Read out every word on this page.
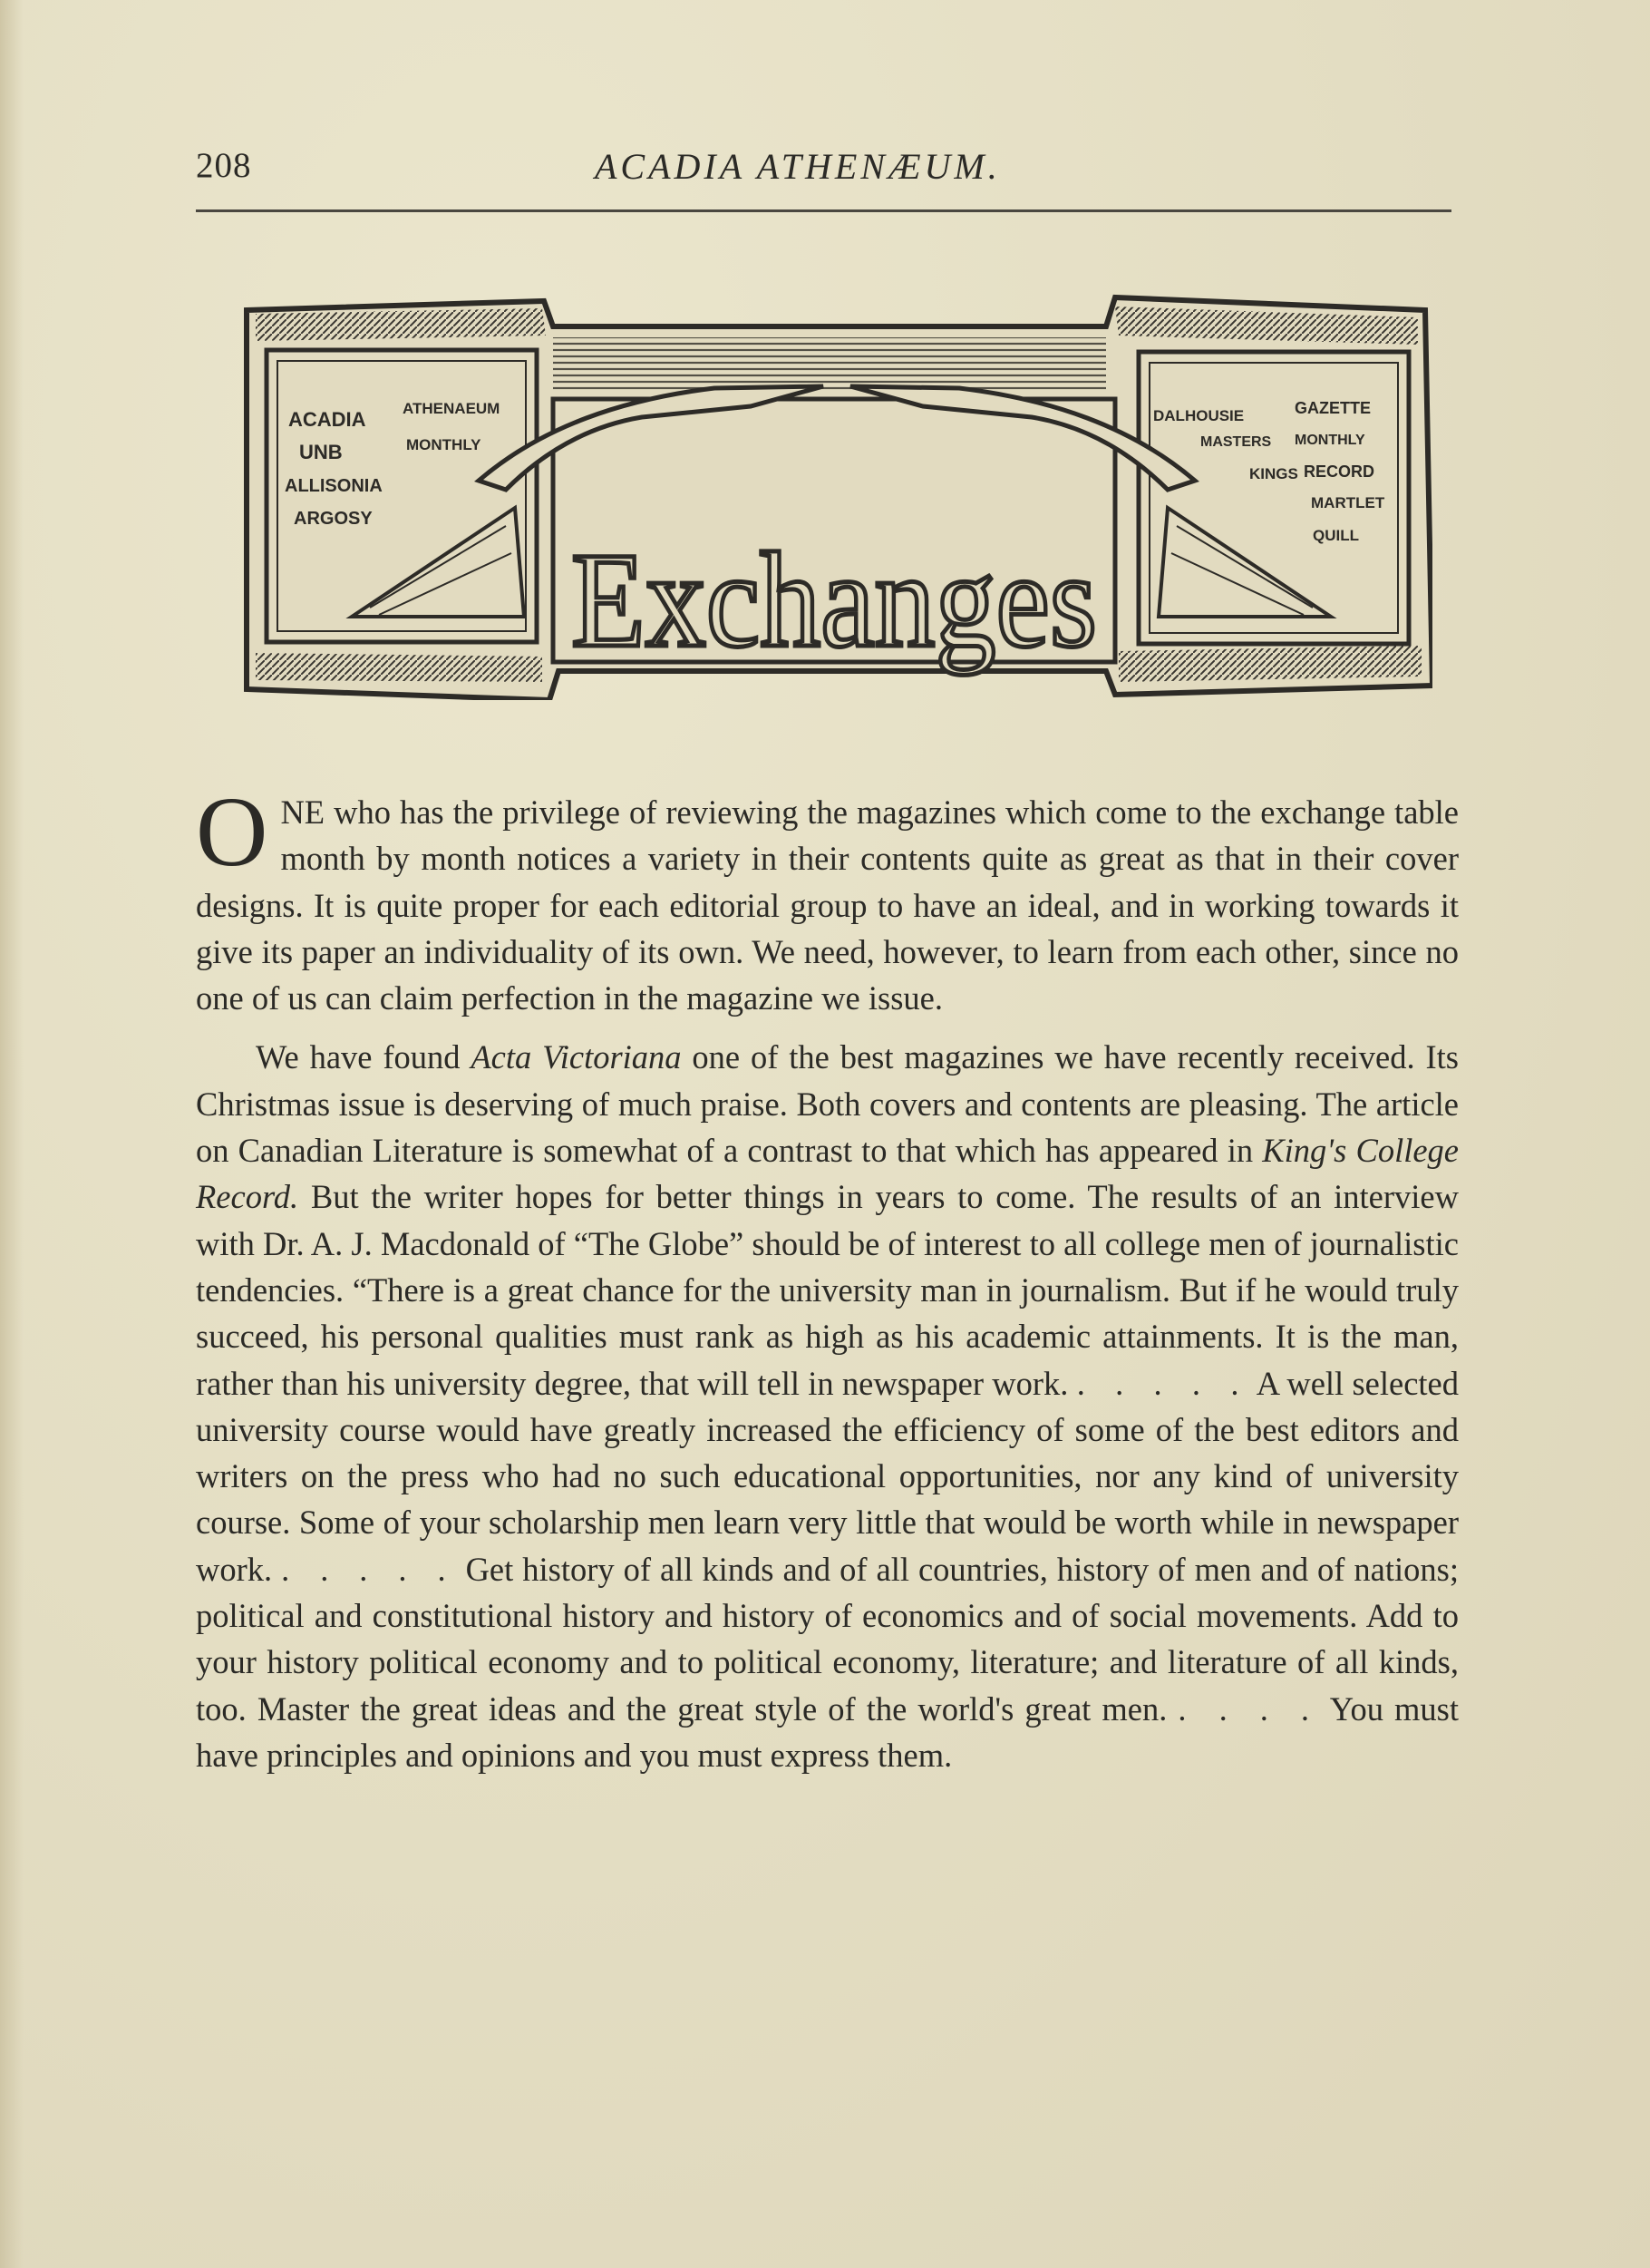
208	ACADIA ATHENÆUM.
ACADIA ATHENAEUM
UNB	MONTHLY
ALLISONIA
ARGOSY
DALHOUSIE	GAZETTE
MASTERS MONTHLY
KINGS RECORD
MARTLET
QUILL
Exchanges

ONE who has the privilege of reviewing the magazines which come to the exchange table month by month notices a variety in their contents quite as great as that in their cover designs. It is quite proper for each editorial group to have an ideal, and in working towards it give its paper an individuality of its own. We need, however, to learn from each other, since no one of us can claim perfection in the magazine we issue.

We have found Acta Victoriana one of the best magazines we have recently received. Its Christmas issue is deserving of much praise. Both covers and contents are pleasing. The article on Canadian Literature is somewhat of a contrast to that which has appeared in King's College Record. But the writer hopes for better things in years to come. The results of an interview with Dr. A. J. Macdonald of “The Globe” should be of interest to all college men of journalistic tendencies. “There is a great chance for the university man in journalism. But if he would truly succeed, his personal qualities must rank as high as his academic attainments. It is the man, rather than his university degree, that will tell in newspaper work. . . . . . A well selected university course would have greatly increased the efficiency of some of the best editors and writers on the press who had no such educational opportunities, nor any kind of university course. Some of your scholarship men learn very little that would be worth while in newspaper work. . . . . . Get history of all kinds and of all countries, history of men and of nations; political and constitutional history and history of economics and of social movements. Add to your history political economy and to political economy, literature; and literature of all kinds, too. Master the great ideas and the great style of the world's great men. . . . . You must have principles and opinions and you must express them.
